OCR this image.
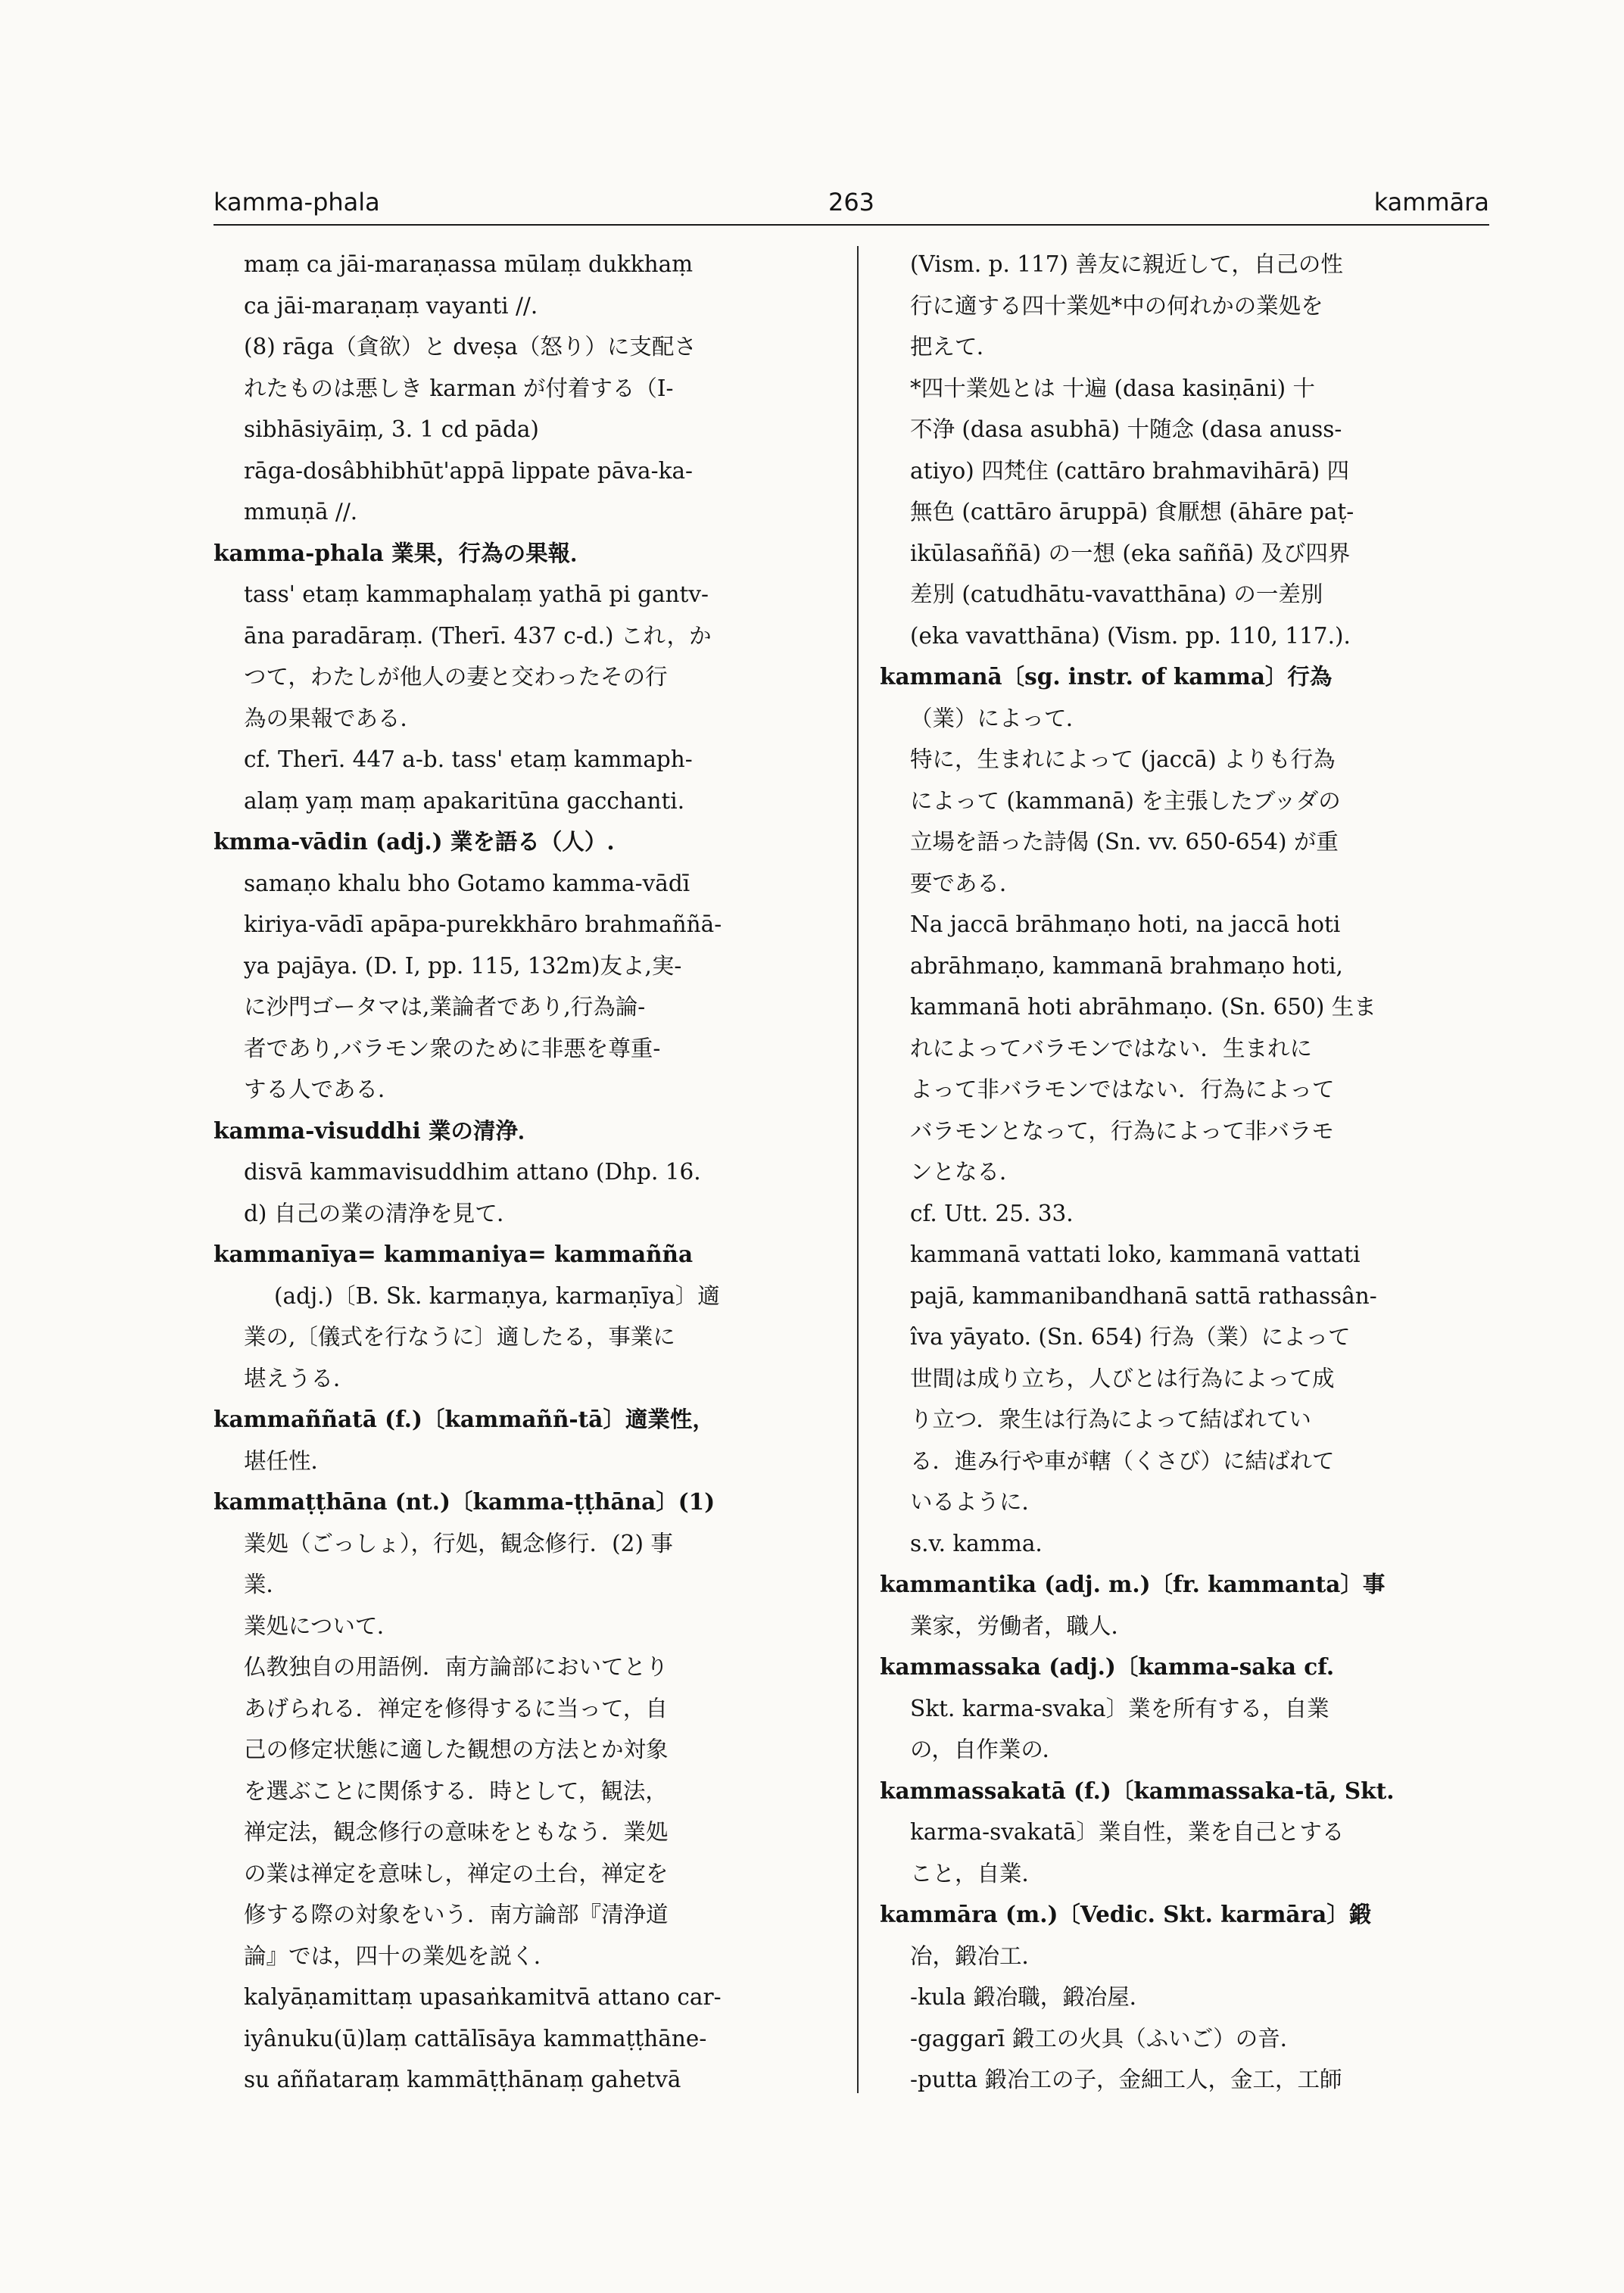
263
kamma-phala	kammāra
maṃ ca jāi-maraṇassa mūlaṃ dukkhaṃ
ca jāi-maraṇaṃ vayanti //.
(8) rāga（貪欲）と dveṣa（怒り）に支配さ
れたものは悪しき karman が付着する（I-
sibhāsiyāiṃ, 3. 1 cd pāda)
rāga-dosâbhibhūt'appā lippate pāva-ka-
mmuṇā //.
kamma-phala 業果，行為の果報．
tass' etaṃ kammaphalaṃ yathā pi gantv-
āna paradāraṃ. (Therī. 437 c-d.) これ，か
つて，わたしが他人の妻と交わったその行
為の果報である．
cf. Therī. 447 a-b. tass' etaṃ kammaph-
alaṃ yaṃ maṃ apakaritūna gacchanti.
kmma-vādin (adj.) 業を語る（人）.
samaṇo khalu bho Gotamo kamma-vādī
kiriya-vādī apāpa-purekkhāro brahmaññā-
ya pajāya. (D. I, pp. 115, 132m)友よ,実-
に沙門ゴータマは,業論者であり,行為論-
者であり,バラモン衆のために非悪を尊重-
する人である．
kamma-visuddhi 業の清浄．
disvā kammavisuddhim attano (Dhp. 16.
d) 自己の業の清浄を見て．
kammanīya= kammaniya= kammañña
(adj.)〔B. Sk. karmaṇya, karmaṇīya〕適
業の,〔儀式を行なうに〕適したる，事業に
堪えうる．
kammaññatā (f.)〔kammaññ-tā〕適業性，
堪任性．
kammaṭṭhāna (nt.)〔kamma-ṭṭhāna〕(1)
業処（ごっしょ），行処，観念修行．(2) 事
業．
業処について．
仏教独自の用語例．南方論部においてとり
あげられる．禅定を修得するに当って，自
己の修定状態に適した観想の方法とか対象
を選ぶことに関係する．時として，観法，
禅定法，観念修行の意味をともなう．業処
の業は禅定を意味し，禅定の土台，禅定を
修する際の対象をいう．南方論部『清浄道
論』では，四十の業処を説く．
kalyāṇamittaṃ upasaṅkamitvā attano car-
iyânuku(ū)laṃ cattālīsāya kammaṭṭhāne-
su aññataraṃ kammāṭṭhānaṃ gahetvā
(Vism. p. 117) 善友に親近して，自己の性
行に適する四十業処*中の何れかの業処を
把えて．
*四十業処とは 十遍 (dasa kasiṇāni) 十
不浄 (dasa asubhā) 十随念 (dasa anuss-
atiyo) 四梵住 (cattāro brahmavihārā) 四
無色 (cattāro āruppā) 食厭想 (āhāre paṭ-
ikūlasaññā) の一想 (eka saññā) 及び四界
差別 (catudhātu-vavatthāna) の一差別
(eka vavatthāna) (Vism. pp. 110, 117.).
kammanā〔sg. instr. of kamma〕行為
（業）によって．
特に，生まれによって (jaccā) よりも行為
によって (kammanā) を主張したブッダの
立場を語った詩偈 (Sn. vv. 650-654) が重
要である．
Na jaccā brāhmaṇo hoti, na jaccā hoti
abrāhmaṇo, kammanā brahmaṇo hoti,
kammanā hoti abrāhmaṇo. (Sn. 650) 生ま
れによってバラモンではない．生まれに
よって非バラモンではない．行為によって
バラモンとなって，行為によって非バラモ
ンとなる．
cf. Utt. 25. 33.
kammanā vattati loko, kammanā vattati
pajā, kammanibandhanā sattā rathassân-
îva yāyato. (Sn. 654) 行為（業）によって
世間は成り立ち，人びとは行為によって成
り立つ．衆生は行為によって結ばれてい
る．進み行や車が轄（くさび）に結ばれて
いるように．
s.v. kamma.
kammantika (adj. m.)〔fr. kammanta〕事
業家，労働者，職人．
kammassaka (adj.)〔kamma-saka cf.
Skt. karma-svaka〕業を所有する，自業
の，自作業の．
kammassakatā (f.)〔kammassaka-tā, Skt.
karma-svakatā〕業自性，業を自己とする
こと，自業．
kammāra (m.)〔Vedic. Skt. karmāra〕鍛
冶，鍛冶工．
-kula 鍛冶職，鍛冶屋．
-gaggarī 鍛工の火具（ふいご）の音．
-putta 鍛冶工の子，金細工人，金工，工師
